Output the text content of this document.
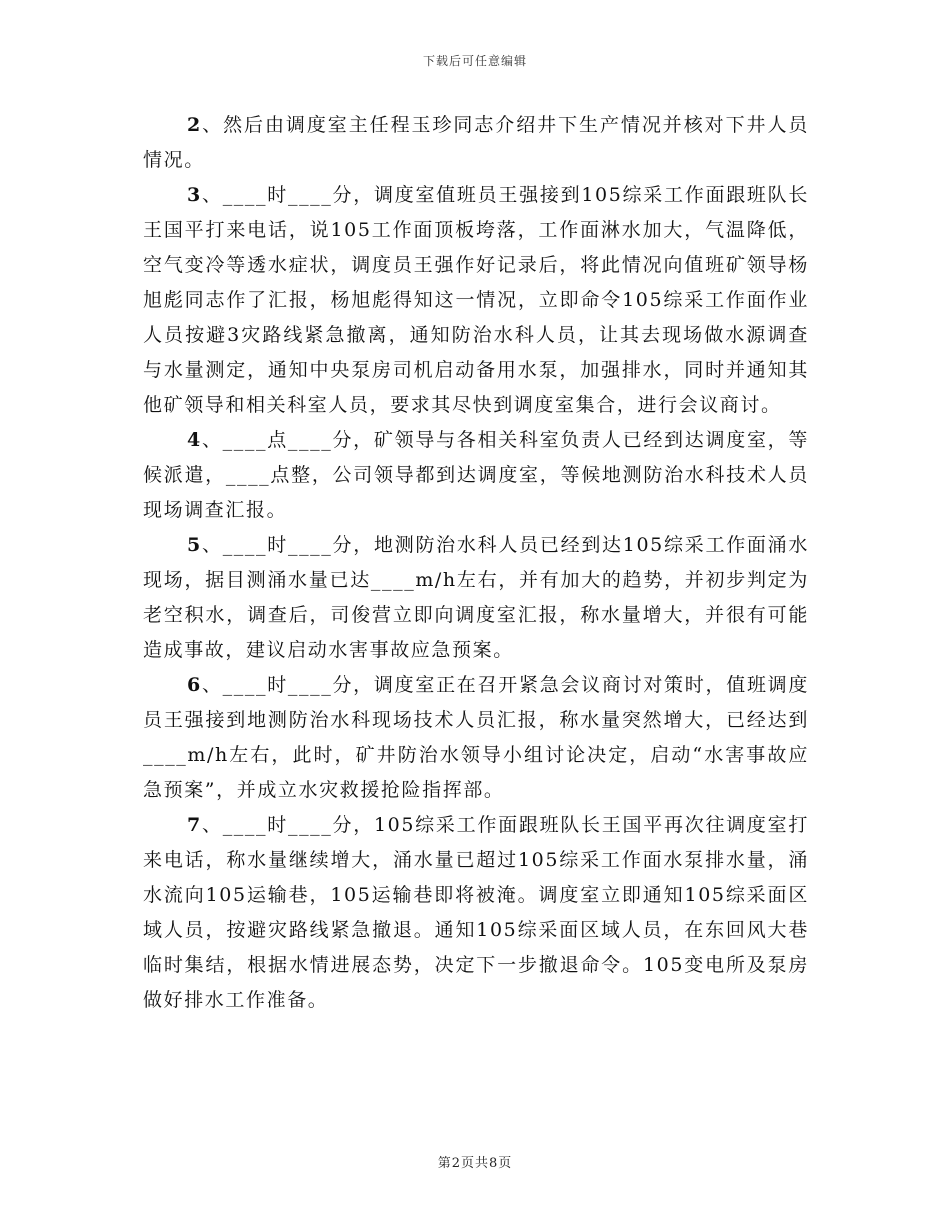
下载后可任意编辑

2、然后由调度室主任程玉珍同志介绍井下生产情况并核对下井人员情况。

3、____时____分，调度室值班员王强接到105综采工作面跟班队长王国平打来电话，说105工作面顶板垮落，工作面淋水加大，气温降低，空气变冷等透水症状，调度员王强作好记录后，将此情况向值班矿领导杨旭彪同志作了汇报，杨旭彪得知这一情况，立即命令105综采工作面作业人员按避3灾路线紧急撤离，通知防治水科人员，让其去现场做水源调查与水量测定，通知中央泵房司机启动备用水泵，加强排水，同时并通知其他矿领导和相关科室人员，要求其尽快到调度室集合，进行会议商讨。

4、____点____分，矿领导与各相关科室负责人已经到达调度室，等候派遣，____点整，公司领导都到达调度室，等候地测防治水科技术人员现场调查汇报。

5、____时____分，地测防治水科人员已经到达105综采工作面涌水现场，据目测涌水量已达____m/h左右，并有加大的趋势，并初步判定为老空积水，调查后，司俊营立即向调度室汇报，称水量增大，并很有可能造成事故，建议启动水害事故应急预案。

6、____时____分，调度室正在召开紧急会议商讨对策时，值班调度员王强接到地测防治水科现场技术人员汇报，称水量突然增大，已经达到____m/h左右，此时，矿井防治水领导小组讨论决定，启动“水害事故应急预案”，并成立水灾救援抢险指挥部。

7、____时____分，105综采工作面跟班队长王国平再次往调度室打来电话，称水量继续增大，涌水量已超过105综采工作面水泵排水量，涌水流向105运输巷，105运输巷即将被淹。调度室立即通知105综采面区域人员，按避灾路线紧急撤退。通知105综采面区域人员，在东回风大巷临时集结，根据水情进展态势，决定下一步撤退命令。105变电所及泵房做好排水工作准备。

第2页共8页
